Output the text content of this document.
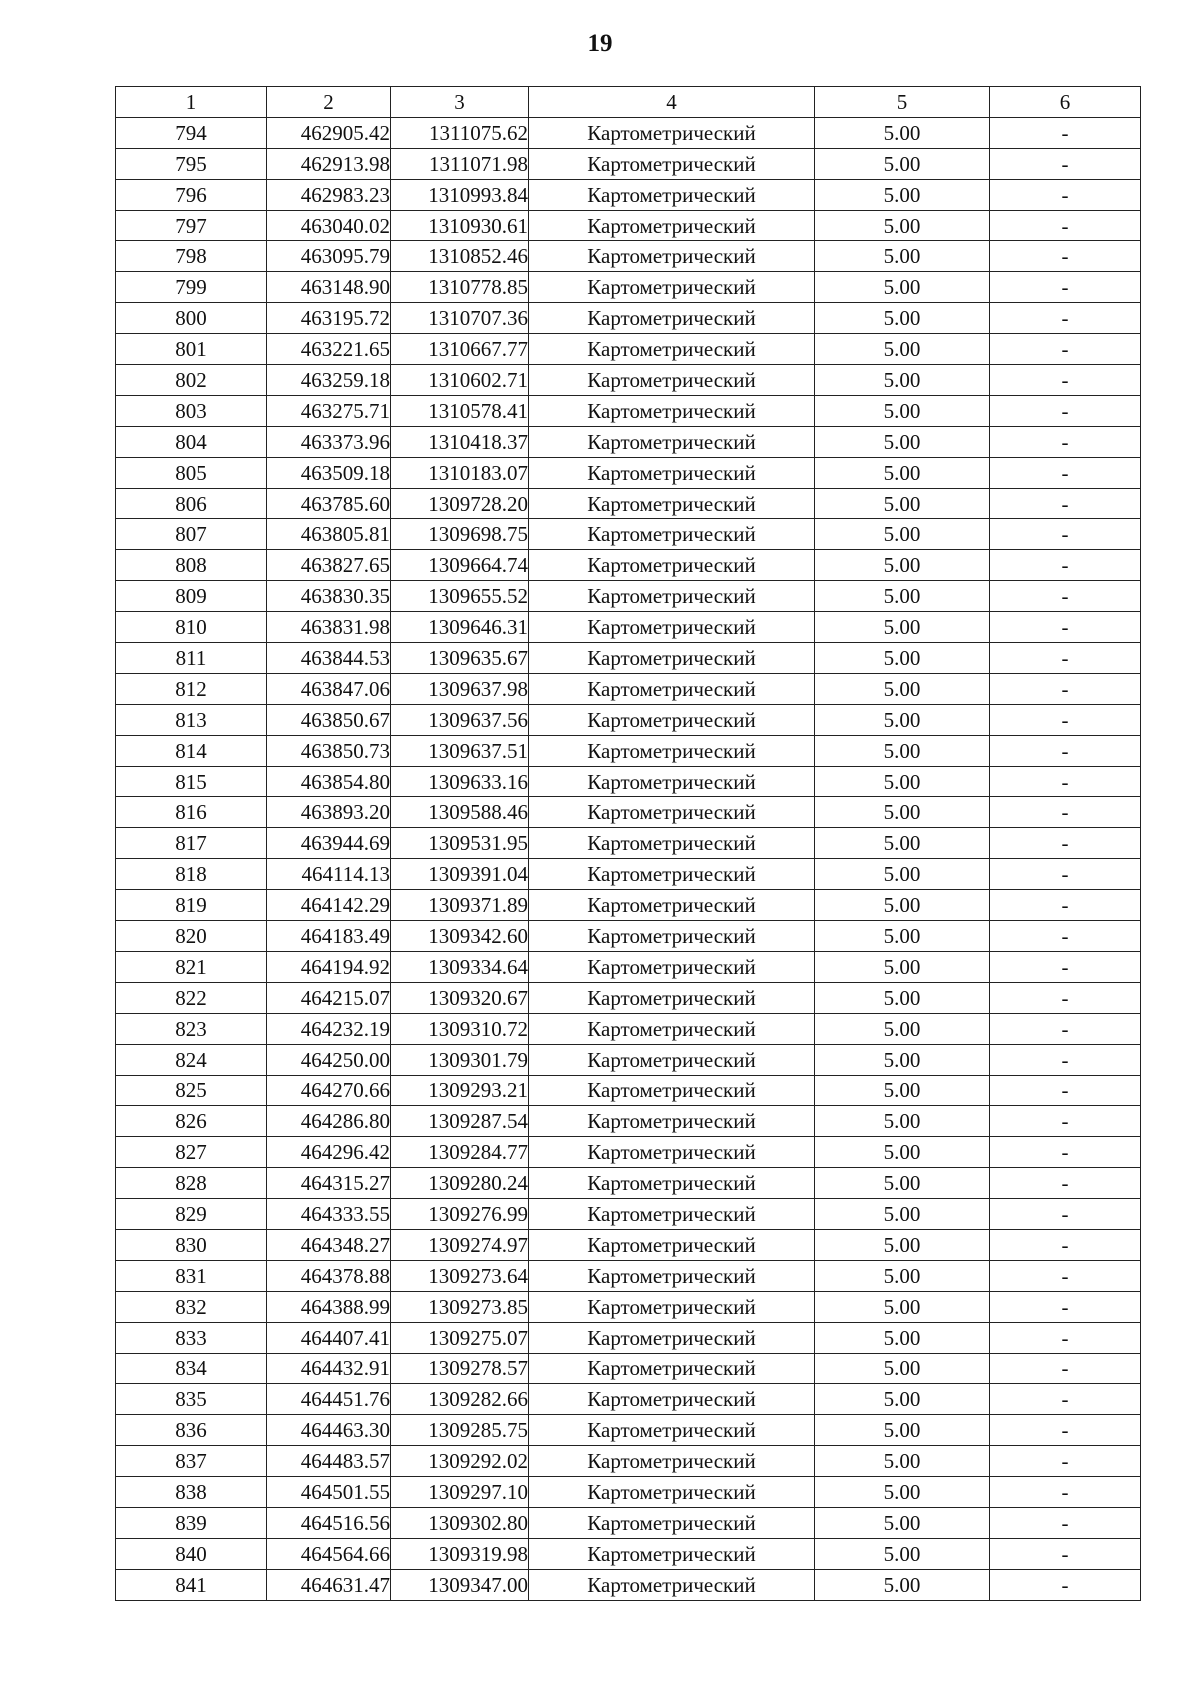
19
1	2	3	4	5	6
794	462905.42	1311075.62	Картометрический	5.00	-
795	462913.98	1311071.98	Картометрический	5.00	-
796	462983.23	1310993.84	Картометрический	5.00	-
797	463040.02	1310930.61	Картометрический	5.00	-
798	463095.79	1310852.46	Картометрический	5.00	-
799	463148.90	1310778.85	Картометрический	5.00	-
800	463195.72	1310707.36	Картометрический	5.00	-
801	463221.65	1310667.77	Картометрический	5.00	-
802	463259.18	1310602.71	Картометрический	5.00	-
803	463275.71	1310578.41	Картометрический	5.00	-
804	463373.96	1310418.37	Картометрический	5.00	-
805	463509.18	1310183.07	Картометрический	5.00	-
806	463785.60	1309728.20	Картометрический	5.00	-
807	463805.81	1309698.75	Картометрический	5.00	-
808	463827.65	1309664.74	Картометрический	5.00	-
809	463830.35	1309655.52	Картометрический	5.00	-
810	463831.98	1309646.31	Картометрический	5.00	-
811	463844.53	1309635.67	Картометрический	5.00	-
812	463847.06	1309637.98	Картометрический	5.00	-
813	463850.67	1309637.56	Картометрический	5.00	-
814	463850.73	1309637.51	Картометрический	5.00	-
815	463854.80	1309633.16	Картометрический	5.00	-
816	463893.20	1309588.46	Картометрический	5.00	-
817	463944.69	1309531.95	Картометрический	5.00	-
818	464114.13	1309391.04	Картометрический	5.00	-
819	464142.29	1309371.89	Картометрический	5.00	-
820	464183.49	1309342.60	Картометрический	5.00	-
821	464194.92	1309334.64	Картометрический	5.00	-
822	464215.07	1309320.67	Картометрический	5.00	-
823	464232.19	1309310.72	Картометрический	5.00	-
824	464250.00	1309301.79	Картометрический	5.00	-
825	464270.66	1309293.21	Картометрический	5.00	-
826	464286.80	1309287.54	Картометрический	5.00	-
827	464296.42	1309284.77	Картометрический	5.00	-
828	464315.27	1309280.24	Картометрический	5.00	-
829	464333.55	1309276.99	Картометрический	5.00	-
830	464348.27	1309274.97	Картометрический	5.00	-
831	464378.88	1309273.64	Картометрический	5.00	-
832	464388.99	1309273.85	Картометрический	5.00	-
833	464407.41	1309275.07	Картометрический	5.00	-
834	464432.91	1309278.57	Картометрический	5.00	-
835	464451.76	1309282.66	Картометрический	5.00	-
836	464463.30	1309285.75	Картометрический	5.00	-
837	464483.57	1309292.02	Картометрический	5.00	-
838	464501.55	1309297.10	Картометрический	5.00	-
839	464516.56	1309302.80	Картометрический	5.00	-
840	464564.66	1309319.98	Картометрический	5.00	-
841	464631.47	1309347.00	Картометрический	5.00	-
